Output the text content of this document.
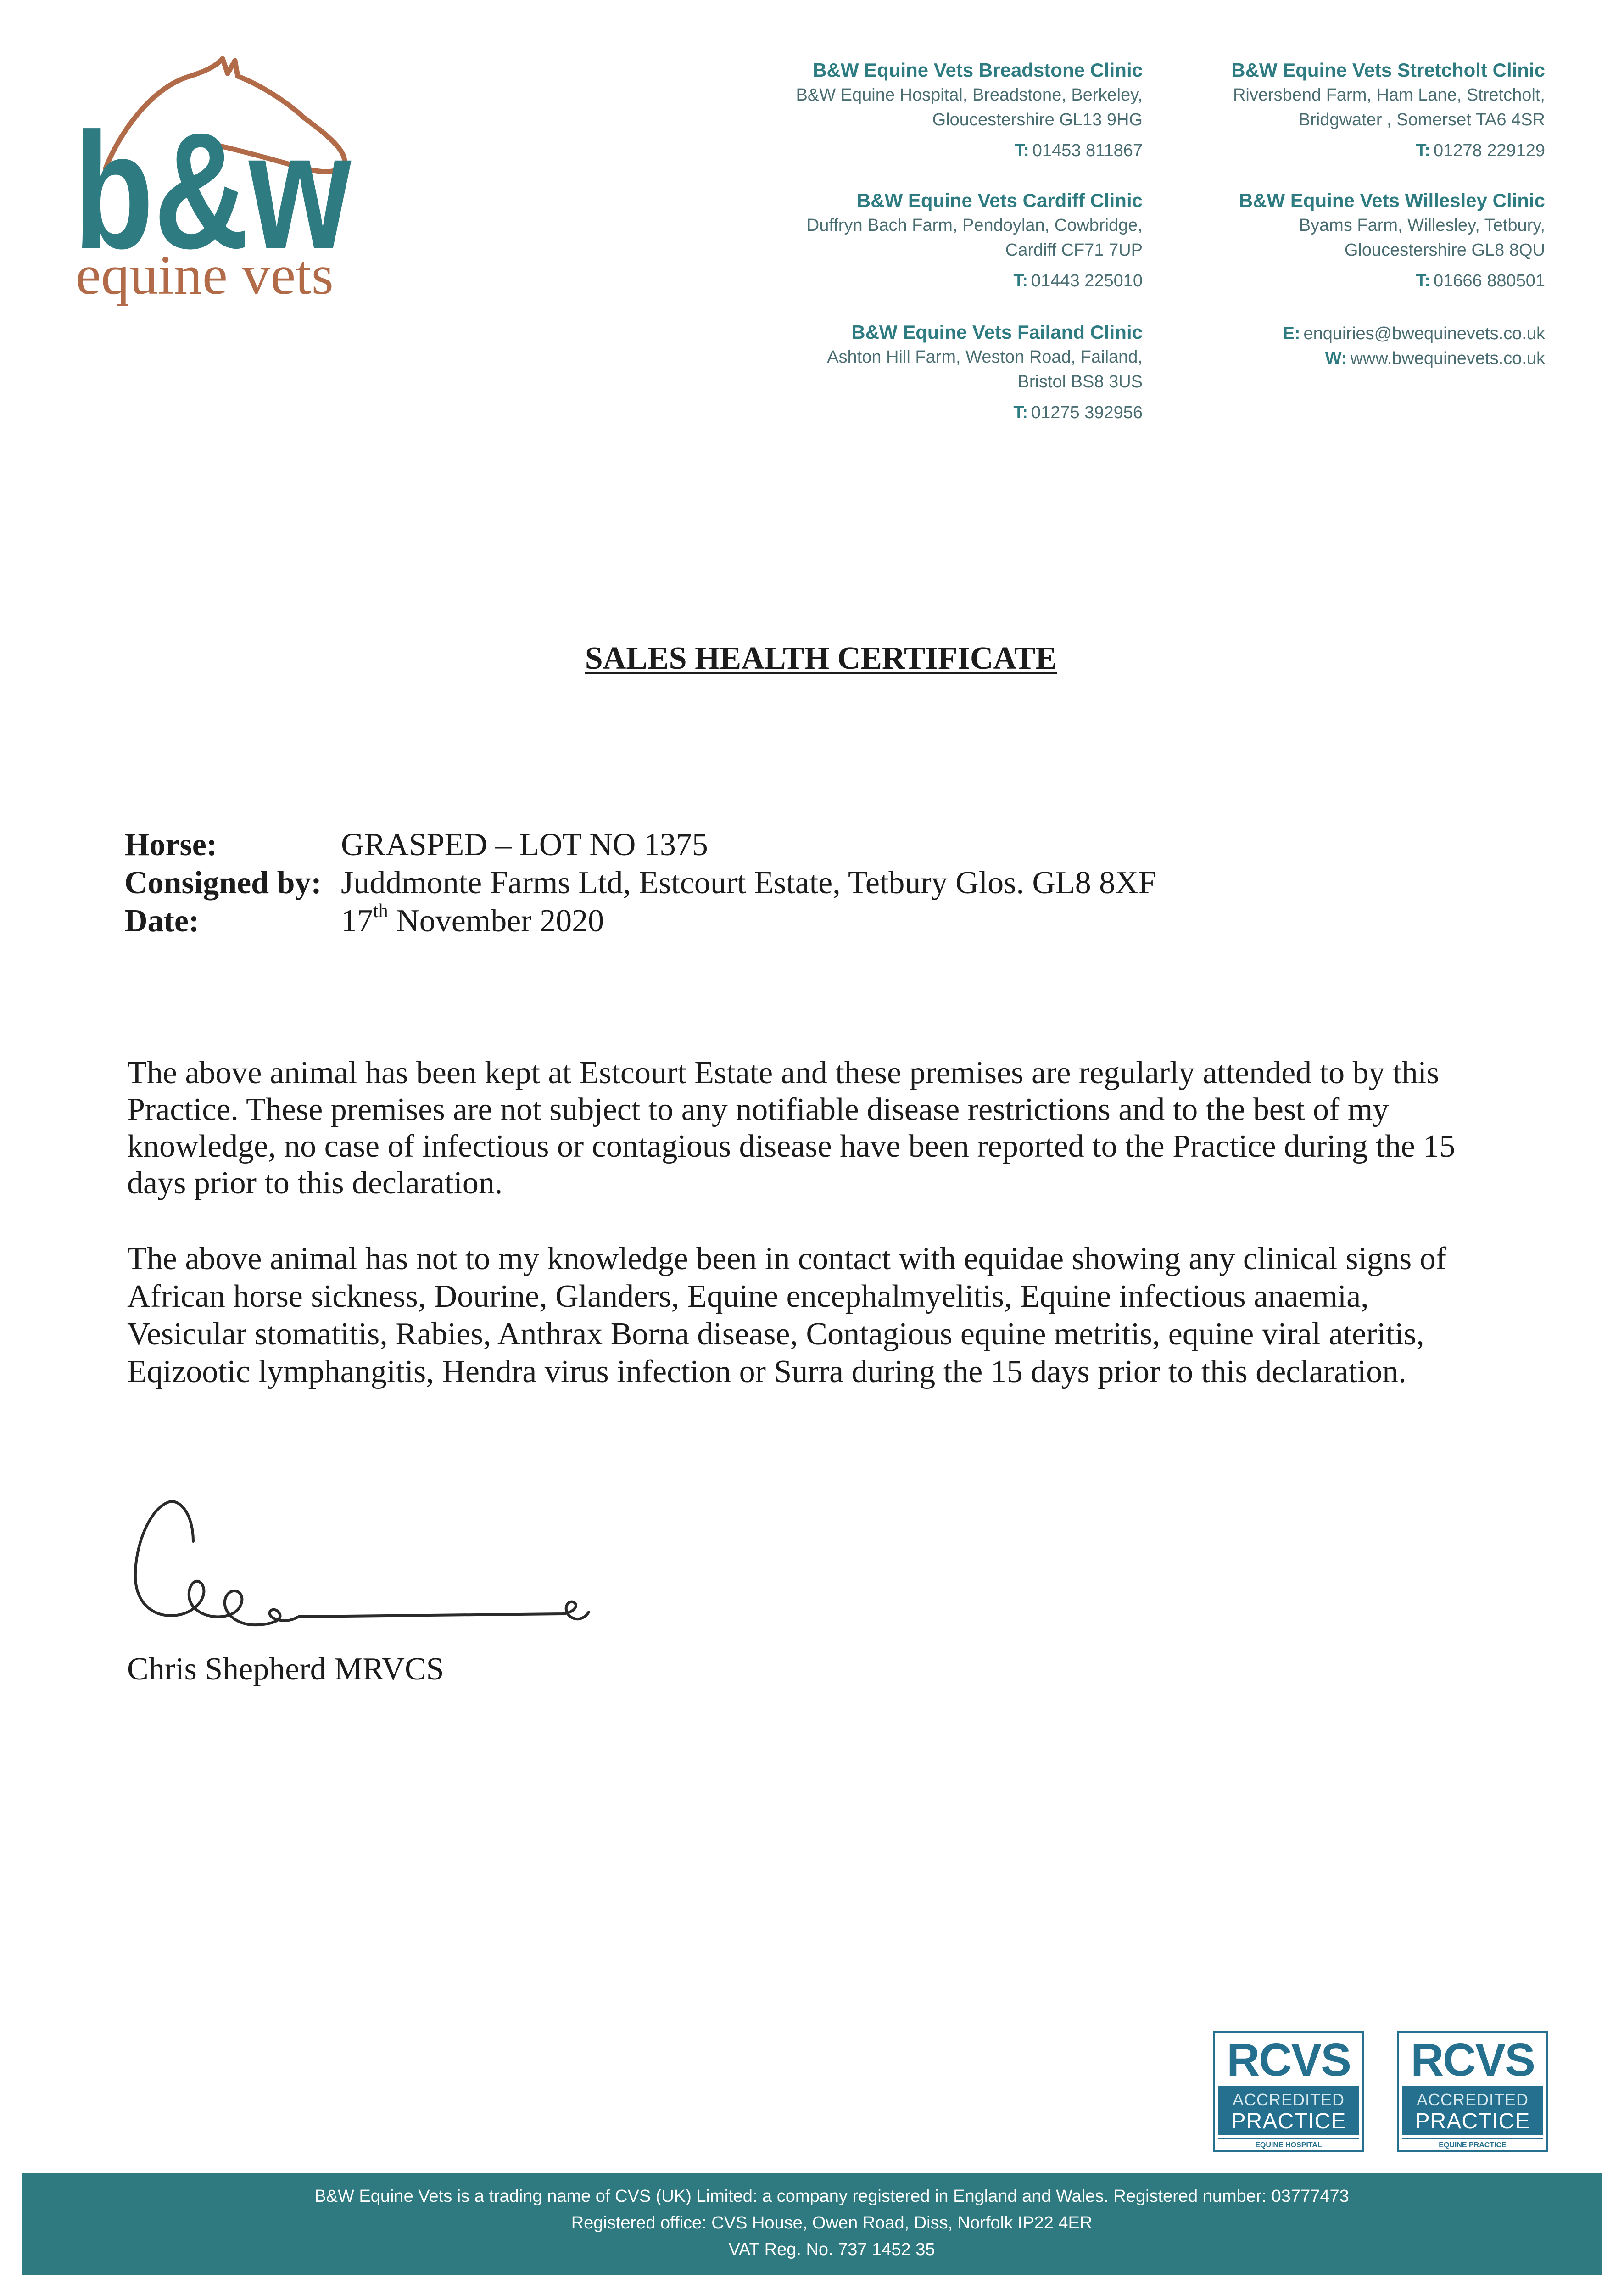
b&w
equine vets
B&W Equine Vets Breadstone Clinic
B&W Equine Hospital, Breadstone, Berkeley,
Gloucestershire GL13 9HG
T: 01453 811867
B&W Equine Vets Cardiff Clinic
Duffryn Bach Farm, Pendoylan, Cowbridge,
Cardiff CF71 7UP
T: 01443 225010
B&W Equine Vets Failand Clinic
Ashton Hill Farm, Weston Road, Failand,
Bristol BS8 3US
T: 01275 392956
B&W Equine Vets Stretcholt Clinic
Riversbend Farm, Ham Lane, Stretcholt,
Bridgwater , Somerset TA6 4SR
T: 01278 229129
B&W Equine Vets Willesley Clinic
Byams Farm, Willesley, Tetbury,
Gloucestershire GL8 8QU
T: 01666 880501
E: enquiries@bwequinevets.co.uk
W: www.bwequinevets.co.uk
SALES HEALTH CERTIFICATE
Horse:	GRASPED – LOT NO 1375
Consigned by: Juddmonte Farms Ltd, Estcourt Estate, Tetbury Glos. GL8 8XF
Date:	17th November 2020
The above animal has been kept at Estcourt Estate and these premises are regularly attended to by this
Practice. These premises are not subject to any notifiable disease restrictions and to the best of my
knowledge, no case of infectious or contagious disease have been reported to the Practice during the 15
days prior to this declaration.
The above animal has not to my knowledge been in contact with equidae showing any clinical signs of
African horse sickness, Dourine, Glanders, Equine encephalmyelitis, Equine infectious anaemia,
Vesicular stomatitis, Rabies, Anthrax Borna disease, Contagious equine metritis, equine viral ateritis,
Eqizootic lymphangitis, Hendra virus infection or Surra during the 15 days prior to this declaration.
Chris Shepherd MRVCS
RCVS
ACCREDITED
PRACTICE
EQUINE HOSPITAL
RCVS
ACCREDITED
PRACTICE
EQUINE PRACTICE
B&W Equine Vets is a trading name of CVS (UK) Limited: a company registered in England and Wales. Registered number: 03777473
Registered office: CVS House, Owen Road, Diss, Norfolk IP22 4ER
VAT Reg. No. 737 1452 35
